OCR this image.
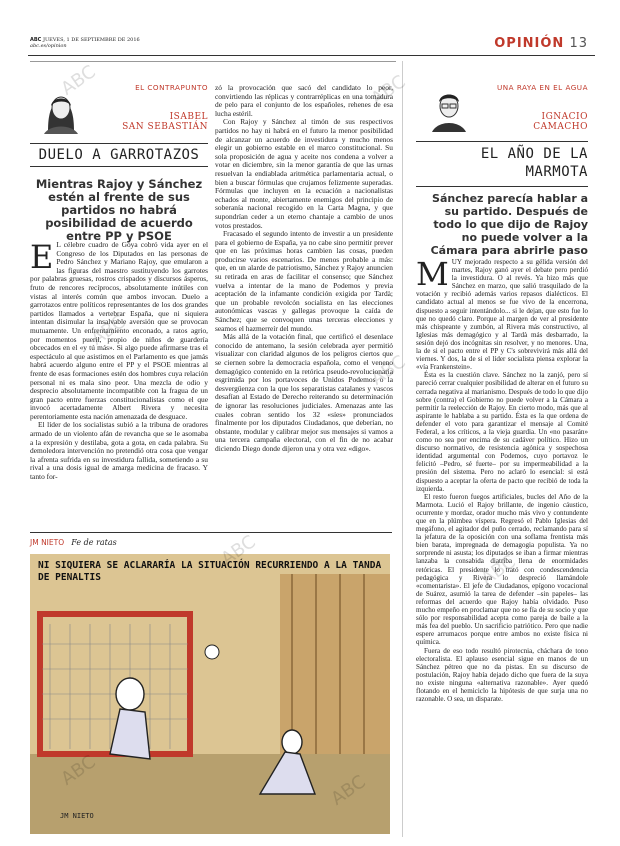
ABC JUEVES, 1 DE SEPTIEMBRE DE 2016
abc.es/opinion	OPINIÓN 13
EL CONTRAPUNTO
ISABEL
SAN SEBASTIÁN
DUELO A GARROTAZOS
Mientras Rajoy y Sánchez estén al frente de sus partidos no habrá posibilidad de acuerdo entre PP y PSOE
E L célebre cuadro de Goya cobró vida ayer en el Congreso de los Diputados en las personas de Pedro Sánchez y Mariano Rajoy, que emularon a las figuras del maestro sustituyendo los garrotes por palabras gruesas, rostros crispados y discursos ásperos, fruto de rencores recíprocos, absolutamente inútiles con vistas al interés común que ambos invocan. Duelo a garrotazos entre políticos representantes de los dos grandes partidos llamados a vertebrar España, que ni siquiera intentan disimular la insalvable aversión que se provocan mutuamente. Un enfrentamiento enconado, a ratos agrio, por momentos pueril, propio de niños de guardería obcecados en el «y tú más». Si algo puede afirmarse tras el espectáculo al que asistimos en el Parlamento es que jamás habrá acuerdo alguno entre el PP y el PSOE mientras al frente de esas formaciones estén dos hombres cuya relación personal ni es mala sino peor. Una mezcla de odio y desprecio absolutamente incompatible con la fragua de un gran pacto entre fuerzas constitucionalistas como el que invocó acertadamente Albert Rivera y necesita perentoriamente esta nación amenazada de desguace.

El líder de los socialistas subió a la tribuna de oradores armado de un violento afán de revancha que se le asomaba a la expresión y destilaba, gota a gota, en cada palabra. Su demoledora intervención no pretendió otra cosa que vengar la afrenta sufrida en su investidura fallida, sometiendo a su rival a una dosis igual de amarga medicina de fracaso. Y tanto for-

zó la provocación que sacó del candidato lo peor, convirtiendo las réplicas y contrarréplicas en una tomadura de pelo para el conjunto de los españoles, rehenes de esa lucha estéril.

Con Rajoy y Sánchez al timón de sus respectivos partidos no hay ni habrá en el futuro la menor posibilidad de alcanzar un acuerdo de investidura y mucho menos elegir un gobierno estable en el marco constitucional. Su sola proposición de agua y aceite nos condena a volver a votar en diciembre, sin la menor garantía de que las urnas resuelvan la endiablada aritmética parlamentaria actual, o bien a buscar fórmulas que crujamos felizmente superadas. Fórmulas que incluyen en la ecuación a nacionalistas echados al monte, abiertamente enemigos del principio de soberanía nacional recogido en la Carta Magna, y que supondrían ceder a un eterno chantaje a cambio de unos votos prestados.

Fracasado el segundo intento de investir a un presidente para el gobierno de España, ya no cabe sino permitir prever que en las próximas horas cambien las cosas, pueden producirse varios escenarios. De menos probable a más: que, en un alarde de patriotismo, Sánchez y Rajoy anuncien su retirada en aras de facilitar el consenso; que Sánchez vuelva a intentar de la mano de Podemos y previa aceptación de la infamante condición exigida por Tardà; que un probable revolcón socialista en las elecciones autonómicas vascas y gallegas provoque la caída de Sánchez; que se convoquen unas terceras elecciones y seamos el hazmerreír del mundo.

Más allá de la votación final, que certificó el desenlace conocido de antemano, la sesión celebrada ayer permitió visualizar con claridad algunos de los peligros ciertos que se ciernen sobre la democracia española, como el veneno demagógico contenido en la retórica pseudo-revolucionaria esgrimida por los portavoces de Unidos Podemos o la desvergüenza con la que los separatistas catalanes y vascos desafían al Estado de Derecho reiterando su determinación de ignorar las resoluciones judiciales. Amenazas ante las cuales cobran sentido los 32 «síes» pronunciados finalmente por los diputados Ciudadanos, que deberían, no obstante, modular y calibrar mejor sus mensajes si vamos a una tercera campaña electoral, con el fin de no acabar diciendo Diego donde dijeron una y otra vez «digo».

JM NIETO Fe de ratas
NI SIQUIERA SE ACLARARÍA LA SITUACIÓN RECURRIENDO A LA TANDA DE PENALTIS
JM NIETO
UNA RAYA EN EL AGUA
IGNACIO
CAMACHO
EL AÑO DE LA
MARMOTA
Sánchez parecía hablar a su partido. Después de todo lo que dijo de Rajoy no puede volver a la Cámara para abrirle paso
M UY mejorado respecto a su gélida versión del martes, Rajoy ganó ayer el debate pero perdió la investidura. O al revés. Ya hizo más que Sánchez en marzo, que salió trasquilado de la votación y recibió además varios repasos dialécticos. El candidato actual al menos se fue vivo de la encerrona, dispuesto a seguir intentándolo... si le dejan, que esto fue lo que no quedó claro. Porque al margen de ver al presidente más chispeante y zumbón, al Rivera más constructivo, al Iglesias más demagógico y al Tardà más desbarrado, la sesión dejó dos incógnitas sin resolver, y no menores. Una, la de si el pacto entre el PP y C's sobrevivirá más allá del viernes. Y dos, la de si el líder socialista piensa explorar la «vía Frankenstein».

Ésta es la cuestión clave. Sánchez no la zanjó, pero sí pareció cerrar cualquier posibilidad de alterar en el futuro su cerrada negativa al marianismo. Después de todo lo que dijo sobre (contra) el Gobierno no puede volver a la Cámara a permitir la reelección de Rajoy. En cierto modo, más que al aspirante le hablaba a su partido. Ésta es la que ordena de defender el voto para garantizar el mensaje al Comité Federal, a los críticos, a la vieja guardia. Un «no pasarán» como no sea por encima de su cadáver político. Hizo un discurso normativo, de resistencia agónica y sospechosa identidad argumental con Podemos, cuyo portavoz le felicitó –Pedro, sé fuerte– por su impermeabilidad a la presión del sistema. Pero no aclaró lo esencial: si está dispuesto a aceptar la oferta de pacto que recibió de toda la izquierda.

El resto fueron fuegos artificiales, bucles del Año de la Marmota. Lució el Rajoy brillante, de ingenio cáustico, ocurrente y mordaz, orador mucho más vivo y contundente que en la plúmbea víspera. Regresó el Pablo Iglesias del megáfono, el agitador del puño cerrado, reclamando para sí la jefatura de la oposición con una soflama frentista más bien barata, impregnada de demagogia populista. Ya no sorprende ni asusta; los diputados se iban a firmar mientras lanzaba la consabida diatriba llena de enormidades retóricas. El presidente lo trató con condescendencia pedagógica y Rivera lo despreció llamándole «comentarista». El jefe de Ciudadanos, epígono vocacional de Suárez, asumió la tarea de defender –sin papeles– las reformas del acuerdo que Rajoy había olvidado. Puso mucho empeño en proclamar que no se fía de su socio y que sólo por responsabilidad acepta como pareja de baile a la más fea del pueblo. Un sacrificio patriótico. Pero que nadie espere arrumacos porque entre ambos no existe física ni química.

Fuera de eso todo resultó pirotecnia, cháchara de tono electoralista. El aplauso esencial sigue en manos de un Sánchez pétreo que no da pistas. En su discurso de postulación, Rajoy había dejado dicho que fuera de la suya no existe ninguna «alternativa razonable». Ayer quedó flotando en el hemiciclo la hipótesis de que surja una no razonable. O sea, un disparate.

ABC	ABC
ABC
ABC
ABC
ABC
